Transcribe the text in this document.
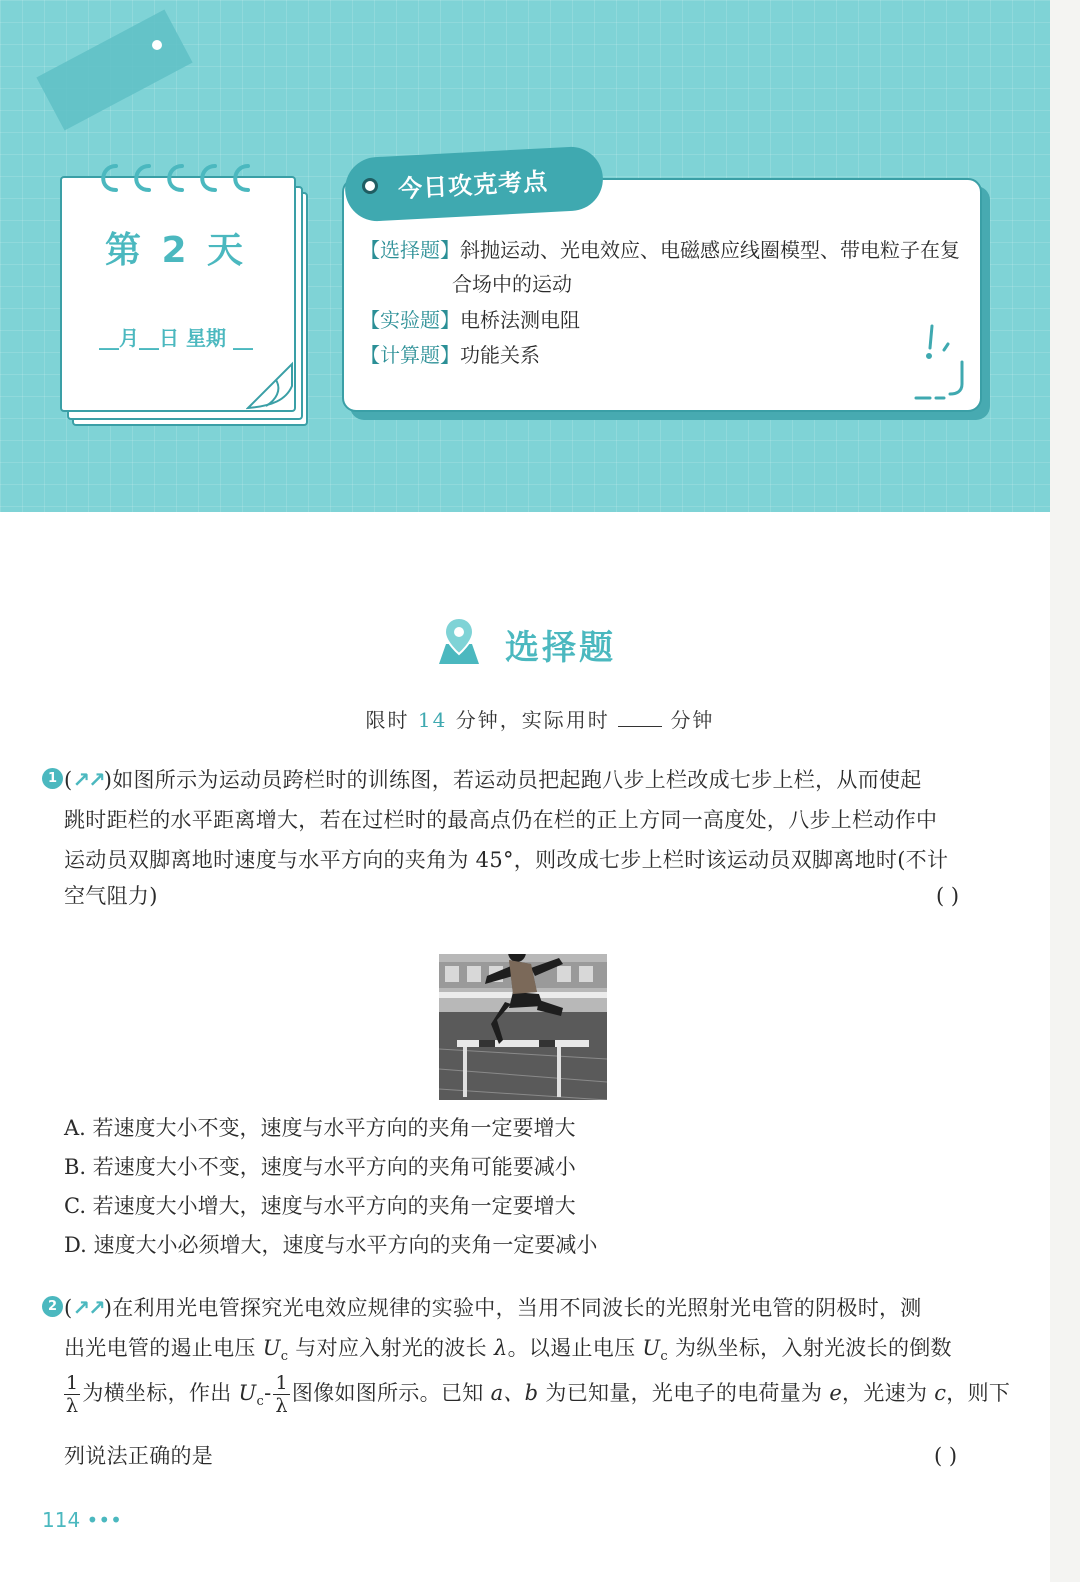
第 2 天
__月__日 星期 __
今日攻克考点
【选择题】斜抛运动、光电效应、电磁感应线圈模型、带电粒子在复
合场中的运动
【实验题】电桥法测电阻
【计算题】功能关系
选择题
限时 14 分钟，实际用时	分钟
1 (↗↗)如图所示为运动员跨栏时的训练图，若运动员把起跑八步上栏改成七步上栏，从而使起
跳时距栏的水平距离增大，若在过栏时的最高点仍在栏的正上方同一高度处，八步上栏动作中
运动员双脚离地时速度与水平方向的夹角为 45°，则改成七步上栏时该运动员双脚离地时(不计
空气阻力)	( )
A. 若速度大小不变，速度与水平方向的夹角一定要增大
B. 若速度大小不变，速度与水平方向的夹角可能要减小
C. 若速度大小增大，速度与水平方向的夹角一定要增大
D. 速度大小必须增大，速度与水平方向的夹角一定要减小
2 (↗↗)在利用光电管探究光电效应规律的实验中，当用不同波长的光照射光电管的阴极时，测
出光电管的遏止电压 $U_c$ 与对应入射光的波长 λ。以遏止电压 $U_c$ 为纵坐标，入射光波长的倒数
$\frac{1}{\lambda}$ 为横坐标，作出 $U_c- \frac{1}{\lambda}$ 图像如图所示。已知 a、b 为已知量，光电子的电荷量为 e，光速为 c，则下
列说法正确的是	( )
114 •••
